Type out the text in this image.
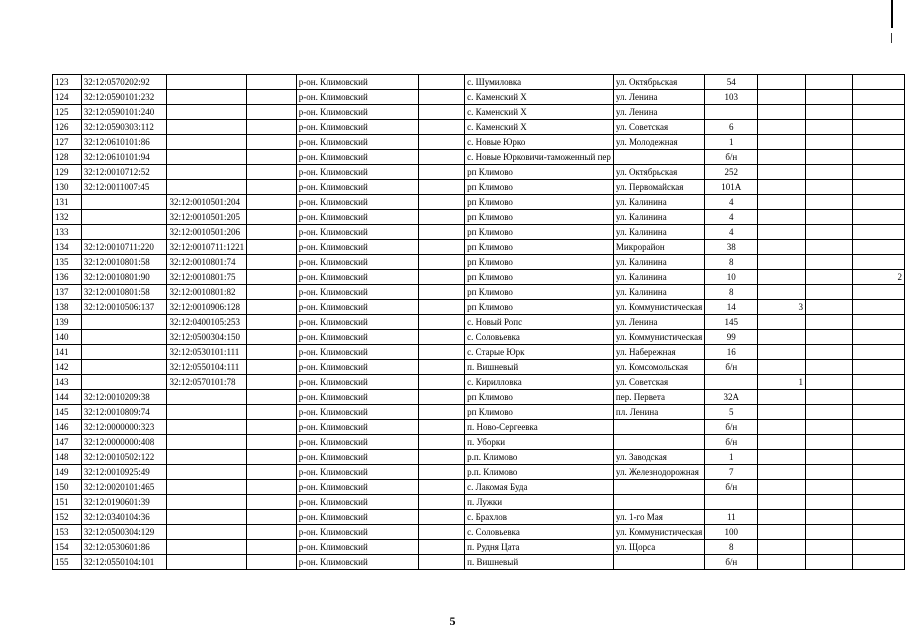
123	32:12:0570202:92			р-он. Климовский		с. Шумиловка	ул. Октябрьская	54			
124	32:12:0590101:232			р-он. Климовский		с. Каменский Х	ул. Ленина	103			
125	32:12:0590101:240			р-он. Климовский		с. Каменский Х	ул. Ленина				
126	32:12:0590303:112			р-он. Климовский		с. Каменский Х	ул. Советская	6			
127	32:12:0610101:86			р-он. Климовский		с. Новые Юрко	ул. Молодежная	1			
128	32:12:0610101:94			р-он. Климовский		с. Новые Юрковичи-таможенный пер		б/н			
129	32:12:0010712:52			р-он. Климовский		рп Климово	ул. Октябрьская	252			
130	32:12:0011007:45			р-он. Климовский		рп Климово	ул. Первомайская	101А			
131		32:12:0010501:204		р-он. Климовский		рп Климово	ул. Калинина	4			
132		32:12:0010501:205		р-он. Климовский		рп Климово	ул. Калинина	4			
133		32:12:0010501:206		р-он. Климовский		рп Климово	ул. Калинина	4			
134	32:12:0010711:220	32:12:0010711:1221		р-он. Климовский		рп Климово	Микрорайон	38			
135	32:12:0010801:58	32:12:0010801:74		р-он. Климовский		рп Климово	ул. Калинина	8			
136	32:12:0010801:90	32:12:0010801:75		р-он. Климовский		рп Климово	ул. Калинина	10			2
137	32:12:0010801:58	32:12:0010801:82		р-он. Климовский		рп Климово	ул. Калинина	8			
138	32:12:0010506:137	32:12:0010906:128		р-он. Климовский		рп Климово	ул. Коммунистическая	14	3		
139		32:12:0400105:253		р-он. Климовский		с. Новый Ропс	ул. Ленина	145			
140		32:12:0500304:150		р-он. Климовский		с. Соловьевка	ул. Коммунистическая	99			
141		32:12:0530101:111		р-он. Климовский		с. Старые Юрк	ул. Набережная	16			
142		32:12:0550104:111		р-он. Климовский		п. Вишневый	ул. Комсомольская	б/н			
143		32:12:0570101:78		р-он. Климовский		с. Кирилловка	ул. Советская		1		
144	32:12:0010209:38			р-он. Климовский		рп Климово	пер. Первета	32А			
145	32:12:0010809:74			р-он. Климовский		рп Климово	пл. Ленина	5			
146	32:12:0000000:323			р-он. Климовский		п. Ново-Сергеевка		б/н			
147	32:12:0000000:408			р-он. Климовский		п. Уборки		б/н			
148	32:12:0010502:122			р-он. Климовский		р.п. Климово	ул. Заводская	1			
149	32:12:0010925:49			р-он. Климовский		р.п. Климово	ул. Железнодорожная	7			
150	32:12:0020101:465			р-он. Климовский		с. Лакомая Буда		б/н			
151	32:12:0190601:39			р-он. Климовский		п. Лужки					
152	32:12:0340104:36			р-он. Климовский		с. Брахлов	ул. 1-го Мая	11			
153	32:12:0500304:129			р-он. Климовский		с. Соловьевка	ул. Коммунистическая	100			
154	32:12:0530601:86			р-он. Климовский		п. Рудня Цата	ул. Щорса	8			
155	32:12:0550104:101			р-он. Климовский		п. Вишневый		б/н			
5
